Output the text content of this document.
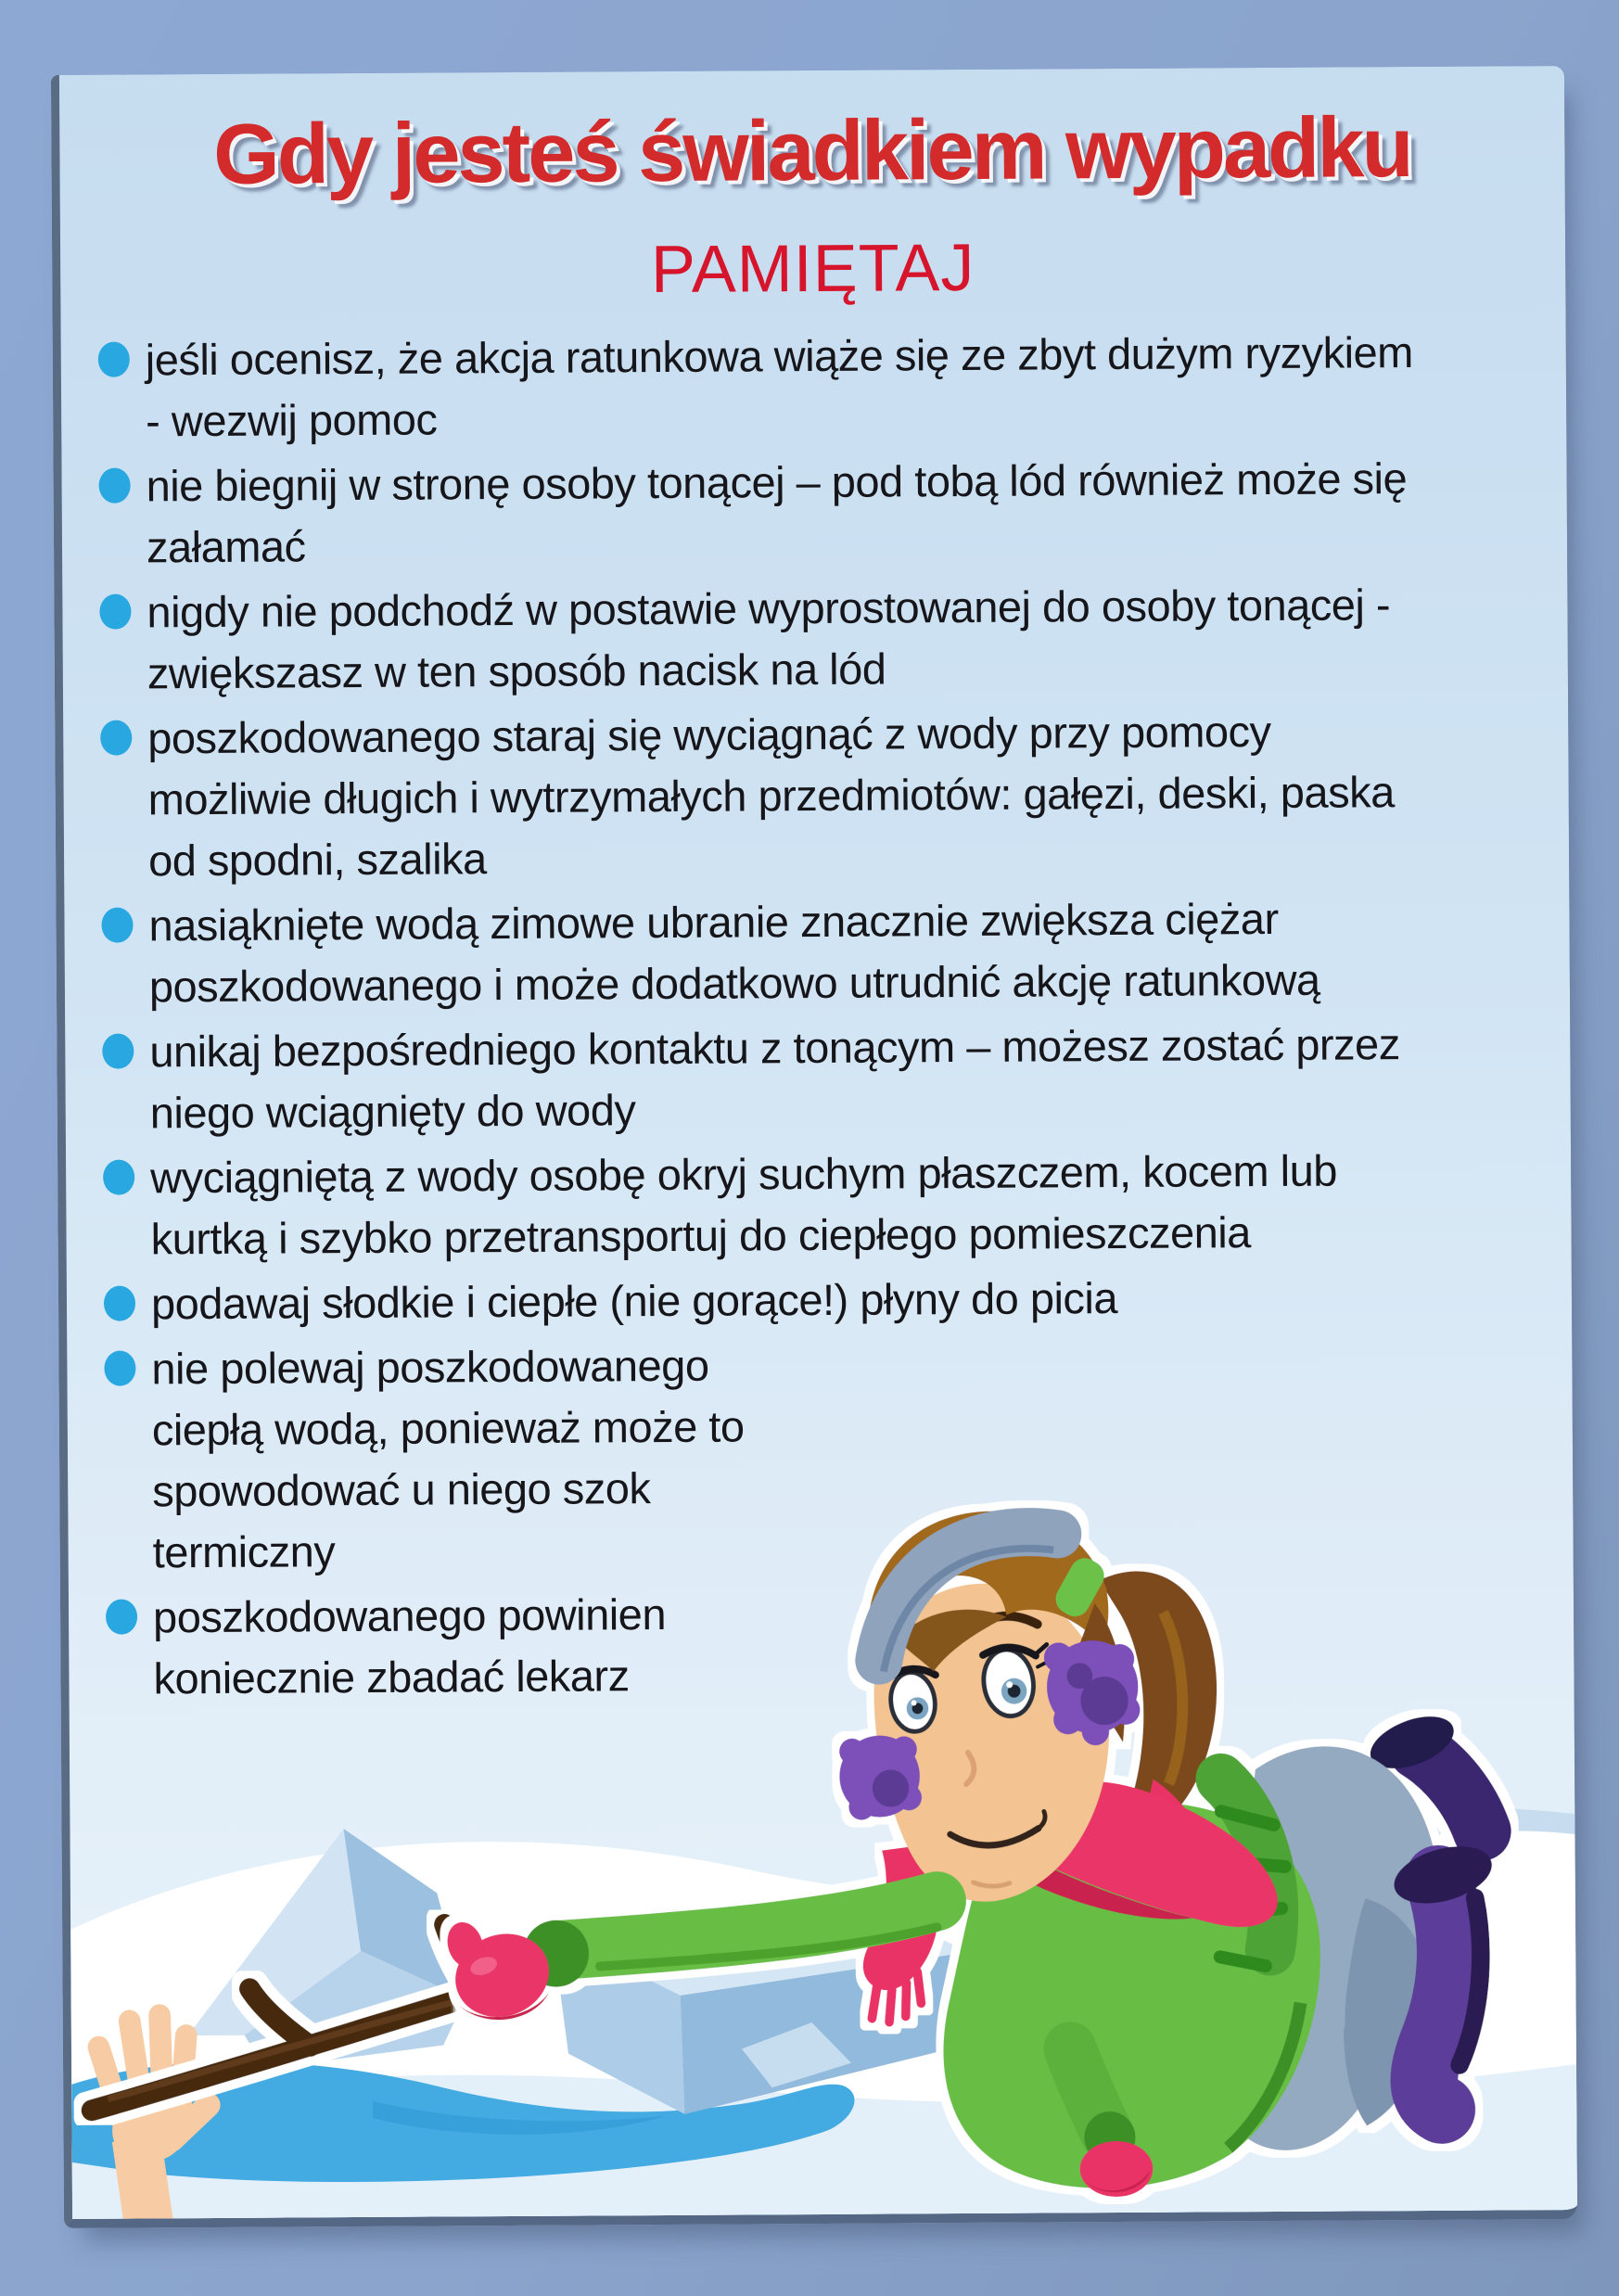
Gdy jesteś świadkiem wypadku
PAMIĘTAJ
jeśli ocenisz, że akcja ratunkowa wiąże się ze zbyt dużym ryzykiem - wezwij pomoc
nie biegnij w stronę osoby tonącej – pod tobą lód również może się załamać
nigdy nie podchodź w postawie wyprostowanej do osoby tonącej - zwiększasz w ten sposób nacisk na lód
poszkodowanego staraj się wyciągnąć z wody przy pomocy możliwie długich i wytrzymałych przedmiotów: gałęzi, deski, paska od spodni, szalika
nasiąknięte wodą zimowe ubranie znacznie zwiększa ciężar poszkodowanego i może dodatkowo utrudnić akcję ratunkową
unikaj bezpośredniego kontaktu z tonącym – możesz zostać przez niego wciągnięty do wody
wyciągniętą z wody osobę okryj suchym płaszczem, kocem lub kurtką i szybko przetransportuj do ciepłego pomieszczenia
podawaj słodkie i ciepłe (nie gorące!) płyny do picia
nie polewaj poszkodowanego ciepłą wodą, ponieważ może to spowodować u niego szok termiczny
poszkodowanego powinien koniecznie zbadać lekarz
